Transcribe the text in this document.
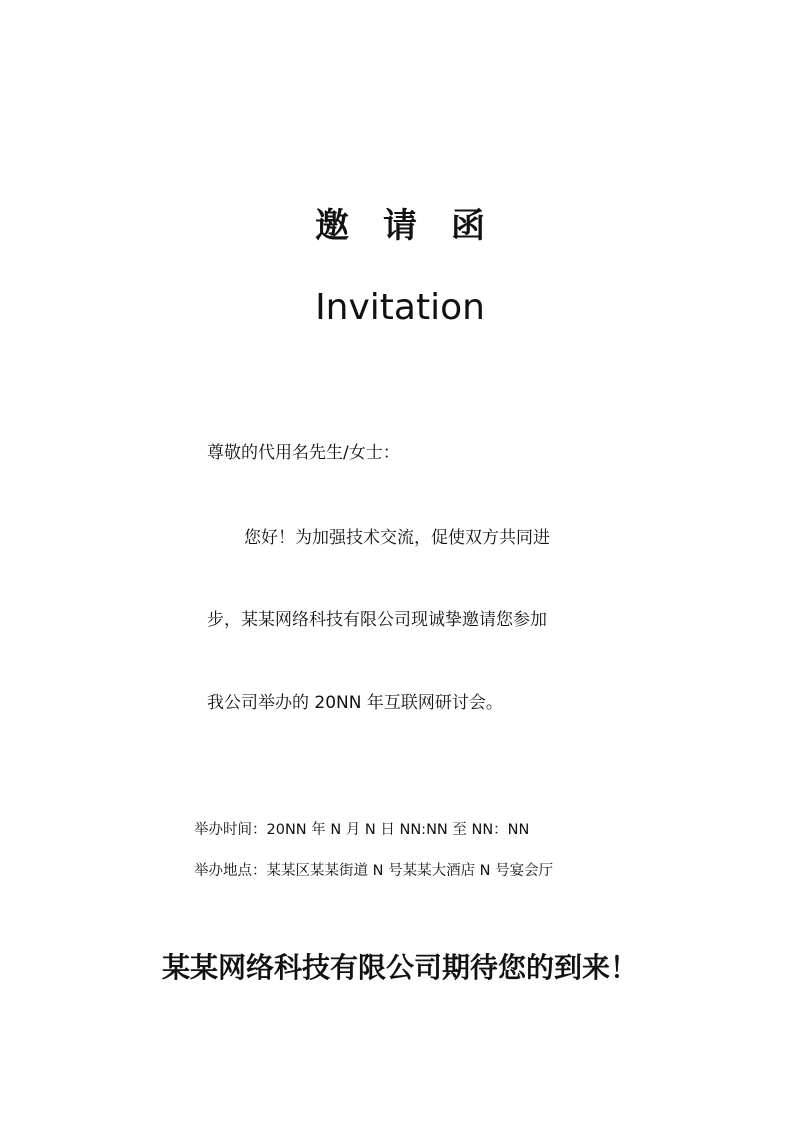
邀请函
Invitation
尊敬的代用名先生/女士：
您好！为加强技术交流，促使双方共同进
步，某某网络科技有限公司现诚挚邀请您参加
我公司举办的 20NN 年互联网研讨会。
举办时间：20NN 年 N 月 N 日 NN:NN 至 NN：NN
举办地点：某某区某某街道 N 号某某大酒店 N 号宴会厅
某某网络科技有限公司期待您的到来！
